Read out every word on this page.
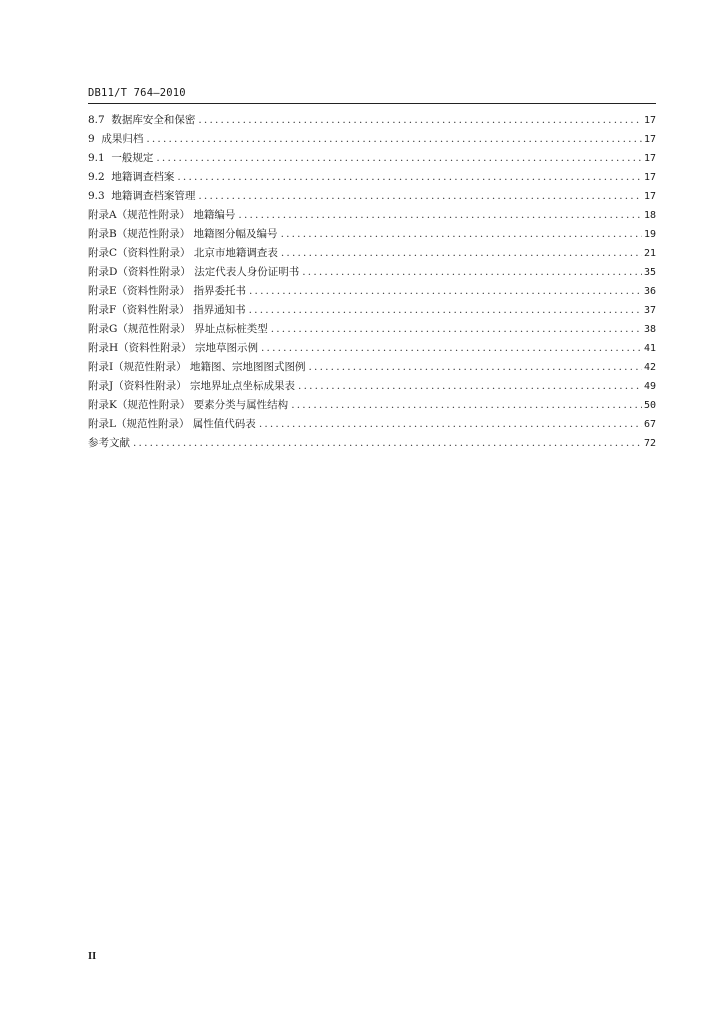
DB11/T 764—2010
8.7  数据库安全和保密 .....	17
9  成果归档 .....	17
9.1  一般规定 .....	17
9.2  地籍调查档案 .....	17
9.3  地籍调查档案管理 .....	17
附录A（规范性附录） 地籍编号 .....	18
附录B（规范性附录） 地籍图分幅及编号 .....	19
附录C（资料性附录） 北京市地籍调查表 .....	21
附录D（资料性附录） 法定代表人身份证明书 .....	35
附录E（资料性附录） 指界委托书 .....	36
附录F（资料性附录） 指界通知书 .....	37
附录G（规范性附录） 界址点标桩类型 .....	38
附录H（资料性附录） 宗地草图示例 .....	41
附录I（规范性附录） 地籍图、宗地图图式图例 .....	42
附录J（资料性附录） 宗地界址点坐标成果表 .....	49
附录K（规范性附录） 要素分类与属性结构 .....	50
附录L（规范性附录） 属性值代码表 .....	67
参考文献 .....	72
II
